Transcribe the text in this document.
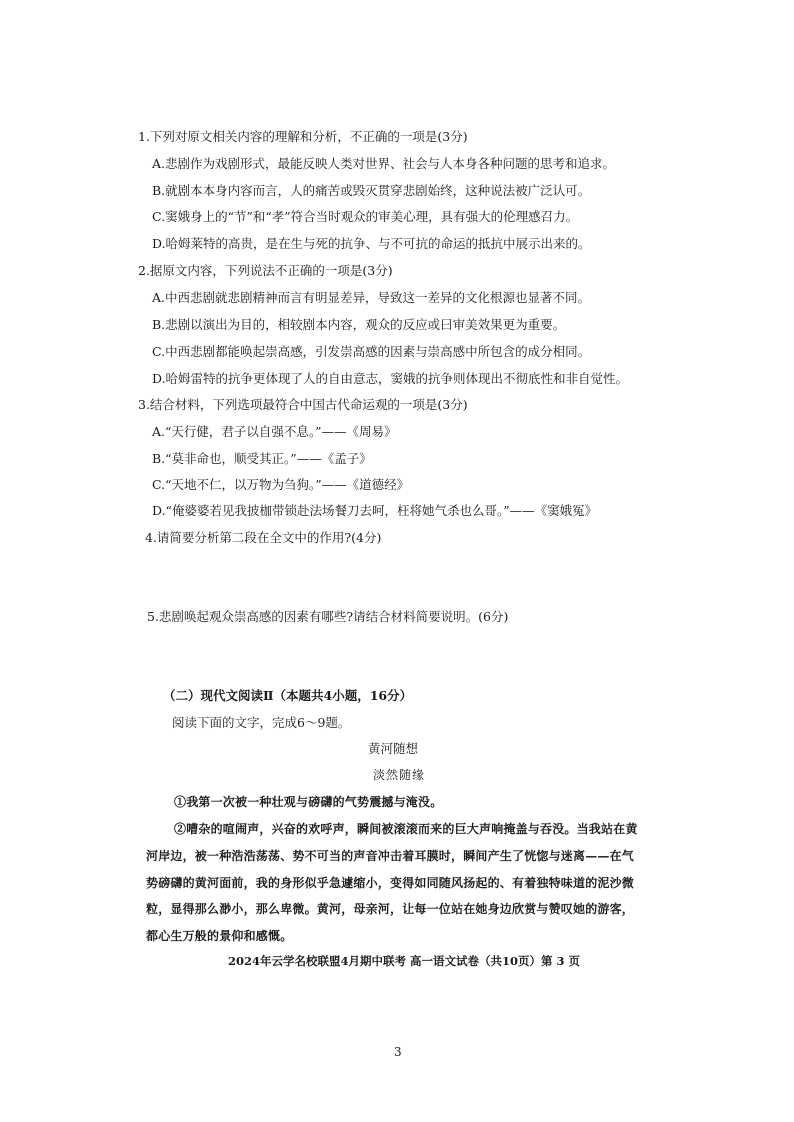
1.下列对原文相关内容的理解和分析，不正确的一项是(3分)
A.悲剧作为戏剧形式，最能反映人类对世界、社会与人本身各种问题的思考和追求。
B.就剧本本身内容而言，人的痛苦或毁灭贯穿悲剧始终，这种说法被广泛认可。
C.窦娥身上的“节”和“孝”符合当时观众的审美心理，具有强大的伦理感召力。
D.哈姆莱特的高贵，是在生与死的抗争、与不可抗的命运的抵抗中展示出来的。
2.据原文内容，下列说法不正确的一项是(3分)
A.中西悲剧就悲剧精神而言有明显差异，导致这一差异的文化根源也显著不同。
B.悲剧以演出为目的，相较剧本内容，观众的反应或曰审美效果更为重要。
C.中西悲剧都能唤起崇高感，引发崇高感的因素与崇高感中所包含的成分相同。
D.哈姆雷特的抗争更体现了人的自由意志，窦娥的抗争则体现出不彻底性和非自觉性。
3.结合材料，下列选项最符合中国古代命运观的一项是(3分)
A.“天行健，君子以自强不息。”——《周易》
B.“莫非命也，顺受其正。”——《孟子》
C.“天地不仁，以万物为刍狗。”——《道德经》
D.“俺婆婆若见我披枷带锁赴法场餐刀去呵，枉将她气杀也么哥。”——《窦娥冤》
4.请简要分析第二段在全文中的作用?(4分)
5.悲剧唤起观众崇高感的因素有哪些?请结合材料简要说明。(6分)
（二）现代文阅读Ⅱ（本题共4小题，16分）
阅读下面的文字，完成6～9题。
黄河随想
淡然随缘
①我第一次被一种壮观与磅礴的气势震撼与淹没。
②嘈杂的喧闹声，兴奋的欢呼声，瞬间被滚滚而来的巨大声响掩盖与吞没。当我站在黄
河岸边，被一种浩浩荡荡、势不可当的声音冲击着耳膜时，瞬间产生了恍惚与迷离——在气
势磅礴的黄河面前，我的身形似乎急遽缩小，变得如同随风扬起的、有着独特味道的泥沙微
粒，显得那么渺小，那么卑微。黄河，母亲河，让每一位站在她身边欣赏与赞叹她的游客，
都心生万般的景仰和感慨。
2024年云学名校联盟4月期中联考 高一语文试卷（共10页）第 3 页
3
